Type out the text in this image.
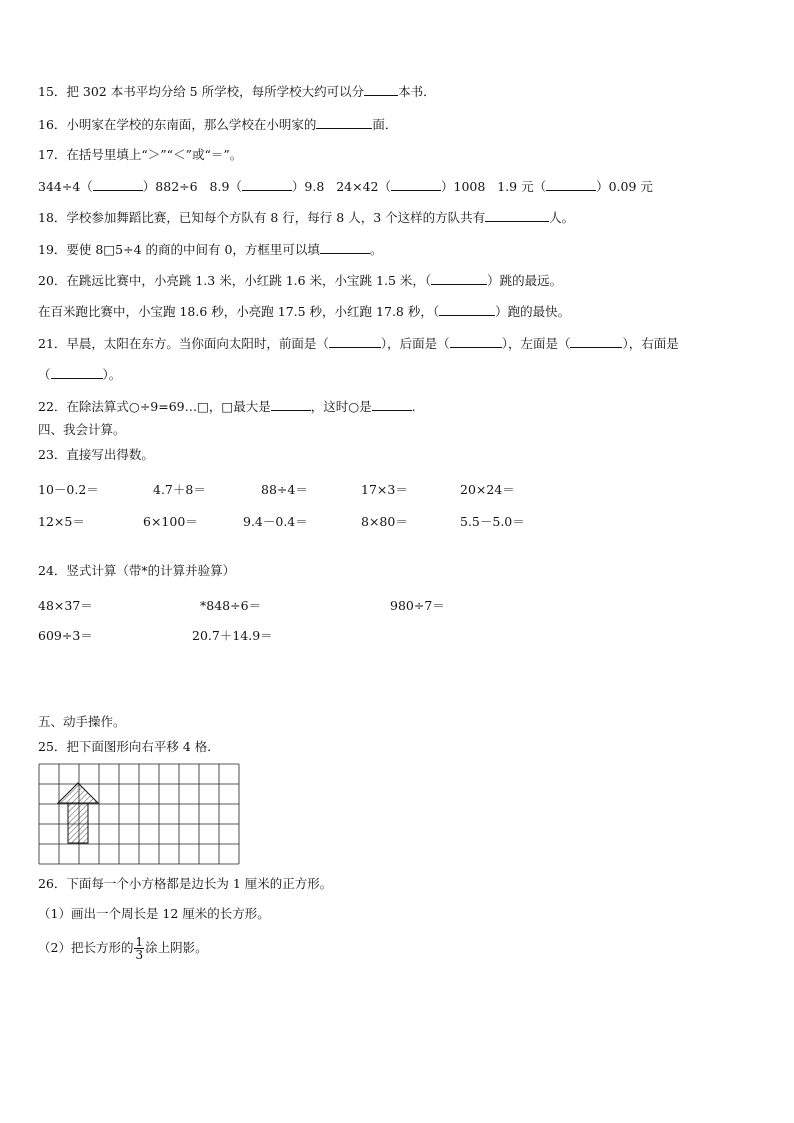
15．把 302 本书平均分给 5 所学校，每所学校大约可以分	本书．
16．小明家在学校的东南面，那么学校在小明家的	面．
17．在括号里填上“＞”“＜”或“＝”。
344÷4（	）882÷6 8.9（	）9.8 24×42（	）1008 1.9 元（	）0.09 元
18．学校参加舞蹈比赛，已知每个方队有 8 行，每行 8 人，3 个这样的方队共有	人。
19．要使 8□5÷4 的商的中间有 0，方框里可以填	。
20．在跳远比赛中，小亮跳 1.3 米，小红跳 1.6 米，小宝跳 1.5 米，（	）跳的最远。
在百米跑比赛中，小宝跑 18.6 秒，小亮跑 17.5 秒，小红跑 17.8 秒，（	）跑的最快。
21．早晨，太阳在东方。当你面向太阳时，前面是（	），后面是（	），左面是（	），右面是
（	）。
22．在除法算式○÷9=69…□，□最大是	，这时○是	.
四、我会计算。
23．直接写出得数。
10－0.2＝	4.7＋8＝	88÷4＝	17×3＝	20×24＝
12×5＝	6×100＝	9.4－0.4＝	8×80＝	5.5－5.0＝
24．竖式计算（带*的计算并验算）
48×37＝	*848÷6＝	980÷7＝
609÷3＝	20.7＋14.9＝
五、动手操作。
25．把下面图形向右平移 4 格．
26．下面每一个小方格都是边长为 1 厘米的正方形。
（1）画出一个周长是 12 厘米的长方形。
（2）把长方形的 $\frac{1}{3}$ 涂上阴影。
